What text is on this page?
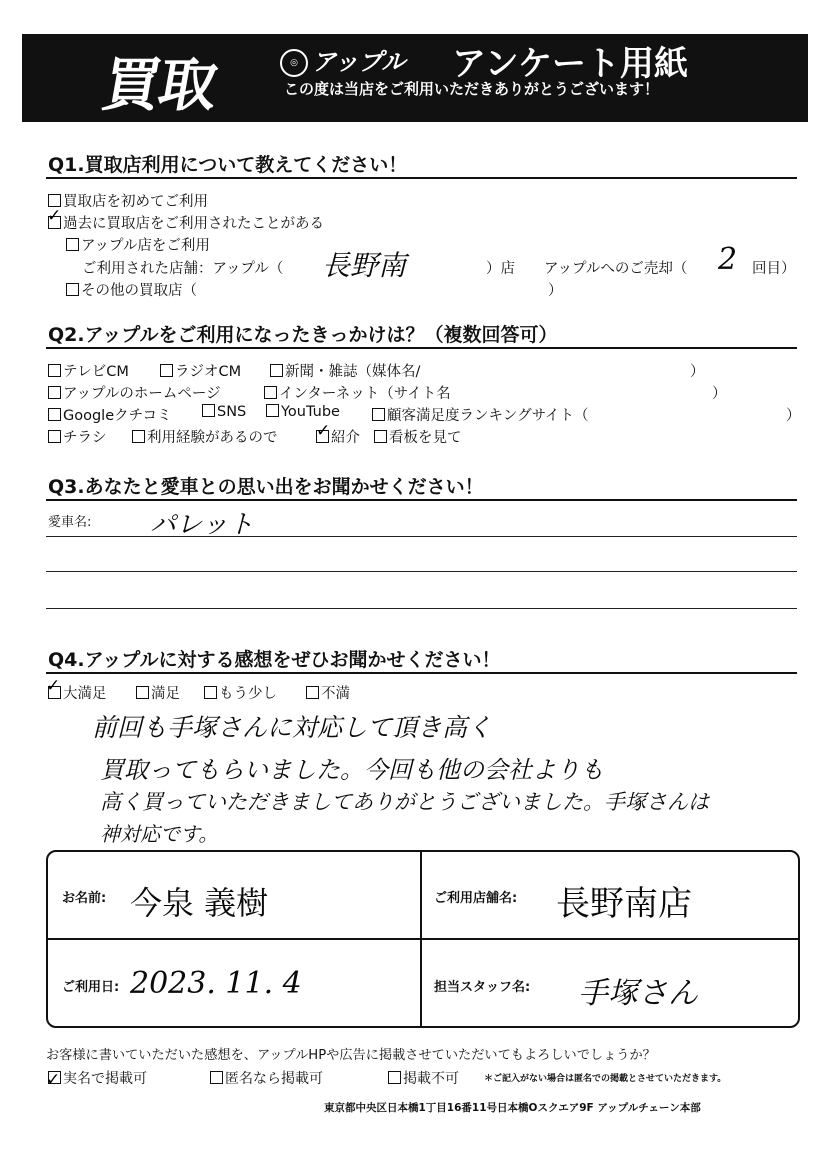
買取	◎ アップル アンケート用紙
この度は当店をご利用いただきありがとうございます！
Q1.買取店利用について教えてください！
買取店を初めてご利用
過去に買取店をご利用されたことがある
✓
アップル店をご利用
ご利用された店舗：アップル（ 長野南	）店 アップルへのご売却（ 2 回目）
その他の買取店（	）
Q2.アップルをご利用になったきっかけは？（複数回答可）
テレビCM	ラジオCM	新聞・雑誌（媒体名/	）
アップルのホームページ	インターネット（サイト名	）
Googleクチコミ	SNS	YouTube	顧客満足度ランキングサイト（	）
チラシ	利用経験があるので	紹介
✓	看板を見て
Q3.あなたと愛車との思い出をお聞かせください！
愛車名: パレット
Q4.アップルに対する感想をぜひお聞かせください！
大満足
✓	満足	もう少し	不満
前回も手塚さんに対応して頂き高く
買取ってもらいました。今回も他の会社よりも
高く買っていただきましてありがとうございました。手塚さんは
神対応です。
お名前: 今泉 義樹	ご利用店舗名: 長野南店
ご利用日: 2023. 11. 4	担当スタッフ名: 手塚さん
お客様に書いていただいた感想を、アップルHPや広告に掲載させていただいてもよろしいでしょうか？
実名で掲載可
✓	匿名なら掲載可	掲載不可	＊ご記入がない場合は匿名での掲載とさせていただきます。
東京都中央区日本橋1丁目16番11号日本橋Oスクエア9F アップルチェーン本部
